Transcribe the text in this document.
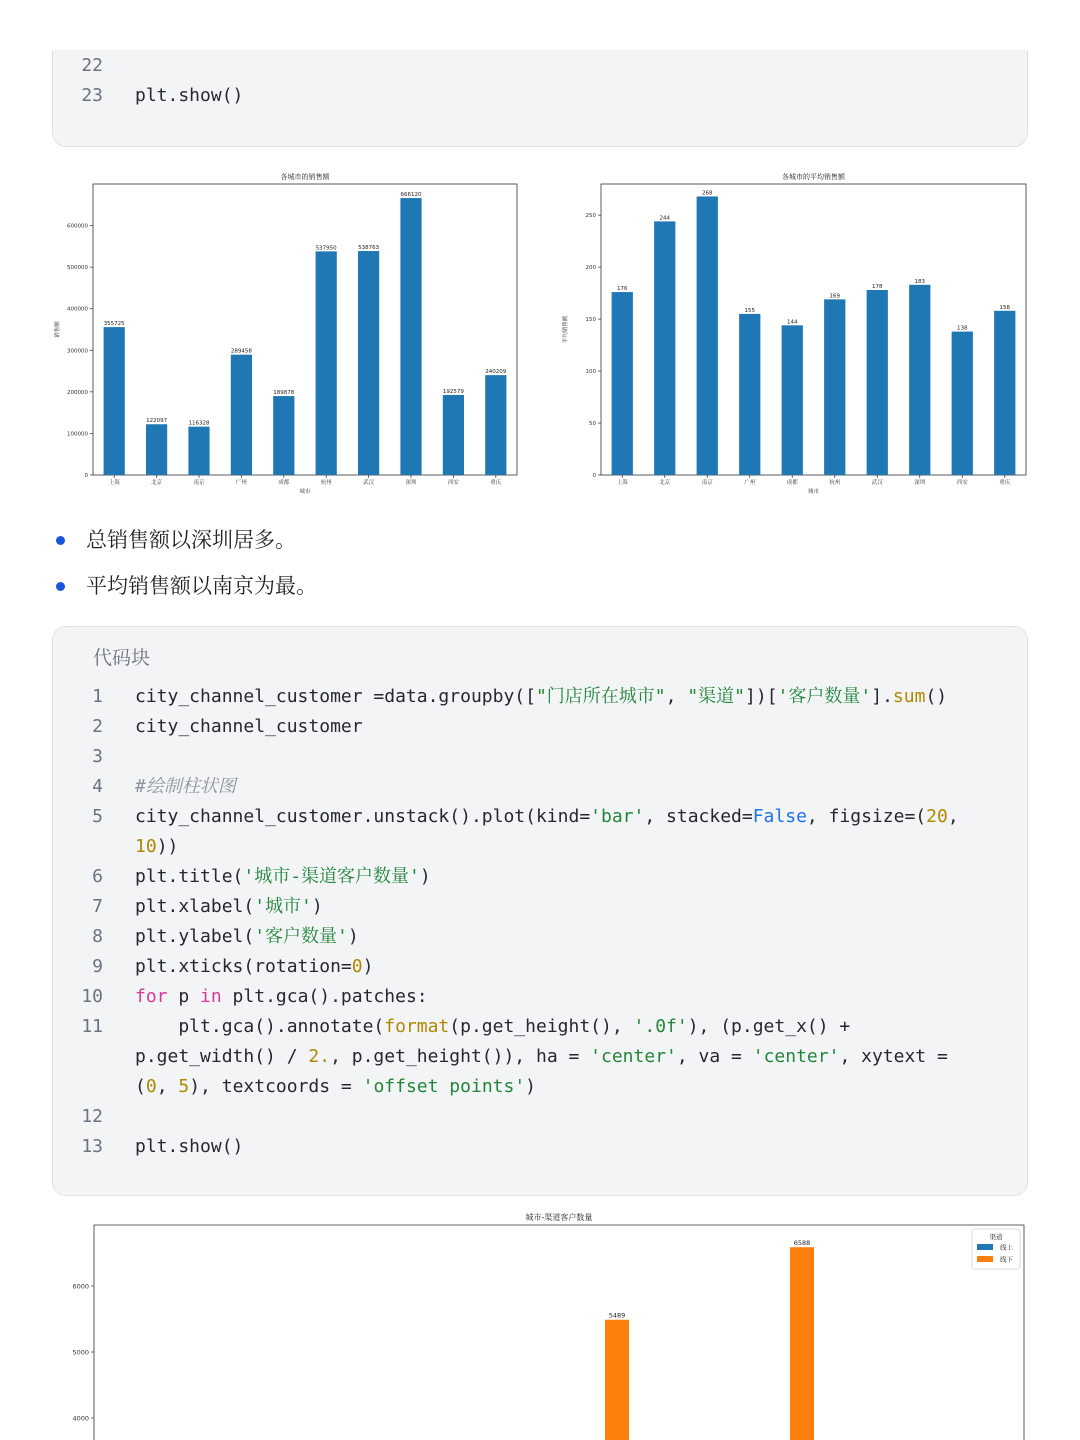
22
23 plt.show()
各城市的销售额
0
100000
200000
300000
400000
500000
600000
355725
上海
122097
北京
116328
南京
289458
广州
189878
成都
537950
杭州
538763
武汉
666120
深圳
192579
西安
240209
重庆
城市
销售额
各城市的平均销售额
0
50
100
150
200
250
176
上海
244
北京
268
南京
155
广州
144
成都
169
杭州
178
武汉
183
深圳
138
西安
158
重庆
城市
平均销售额
总销售额以深圳居多。
平均销售额以南京为最。
代码块
1 city_channel_customer =data.groupby(["门店所在城市", "渠道"])['客户数量'].sum()
2 city_channel_customer
3
4 #绘制柱状图
5 city_channel_customer.unstack().plot(kind='bar', stacked=False, figsize=(20,
10))
6 plt.title('城市-渠道客户数量')
7 plt.xlabel('城市')
8 plt.ylabel('客户数量')
9 plt.xticks(rotation=0)
10 for p in plt.gca().patches:
11 plt.gca().annotate(format(p.get_height(), '.0f'), (p.get_x() +
p.get_width() / 2., p.get_height()), ha = 'center', va = 'center', xytext =
(0, 5), textcoords = 'offset points')
12
13 plt.show()
城市-渠道客户数量
4000
5000
6000
5489
6588
渠道
线上
线下
